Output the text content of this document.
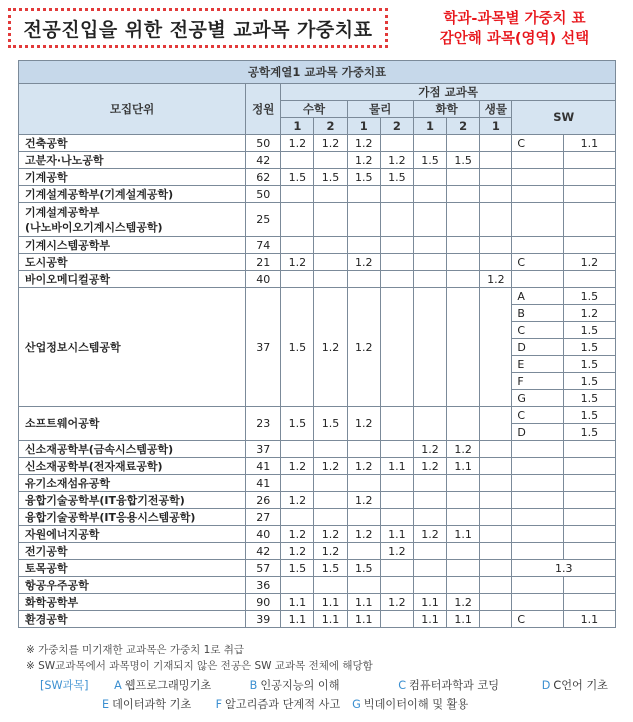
전공진입을 위한 전공별 교과목 가중치표	학과-과목별 가중치 표
감안해 과목(영역) 선택
공학계열1 교과목 가중치표										
모집단위	정원	가점 교과목								
		수학		물리		화학		생물	SW	
		1	2	1	2	1	2	1		
건축공학	50	1.2	1.2	1.2					C	1.1
고분자·나노공학	42			1.2	1.2	1.5	1.5			
기계공학	62	1.5	1.5	1.5	1.5					
기계설계공학부(기계설계공학)	50									
기계설계공학부
(나노바이오기계시스템공학)	25									
기계시스템공학부	74									
도시공학	21	1.2		1.2					C	1.2
바이오메디컬공학	40							1.2		
산업정보시스템공학	37	1.5	1.2	1.2					A	1.5
									B	1.2
									C	1.5
									D	1.5
									E	1.5
									F	1.5
									G	1.5
소프트웨어공학	23	1.5	1.5	1.2					C	1.5
									D	1.5
신소재공학부(금속시스템공학)	37					1.2	1.2			
신소재공학부(전자재료공학)	41	1.2	1.2	1.2	1.1	1.2	1.1			
유기소재섬유공학	41									
융합기술공학부(IT융합기전공학)	26	1.2		1.2						
융합기술공학부(IT응용시스템공학)	27									
자원에너지공학	40	1.2	1.2	1.2	1.1	1.2	1.1			
전기공학	42	1.2	1.2		1.2					
토목공학	57	1.5	1.5	1.5					1.3	
항공우주공학	36									
화학공학부	90	1.1	1.1	1.1	1.2	1.1	1.2			
환경공학	39	1.1	1.1	1.1		1.1	1.1		C	1.1
※ 가중치를 미기재한 교과목은 가중치 1로 취급
※ SW교과목에서 과목명이 기재되지 않은 전공은 SW 교과목 전체에 해당함
[SW과목] A 웹프로그래밍기초	B 인공지능의 이해	C 컴퓨터과학과 코딩	D C언어 기초
E 데이터과학 기초 F 알고리즘과 단계적 사고 G 빅데이터이해 및 활용
